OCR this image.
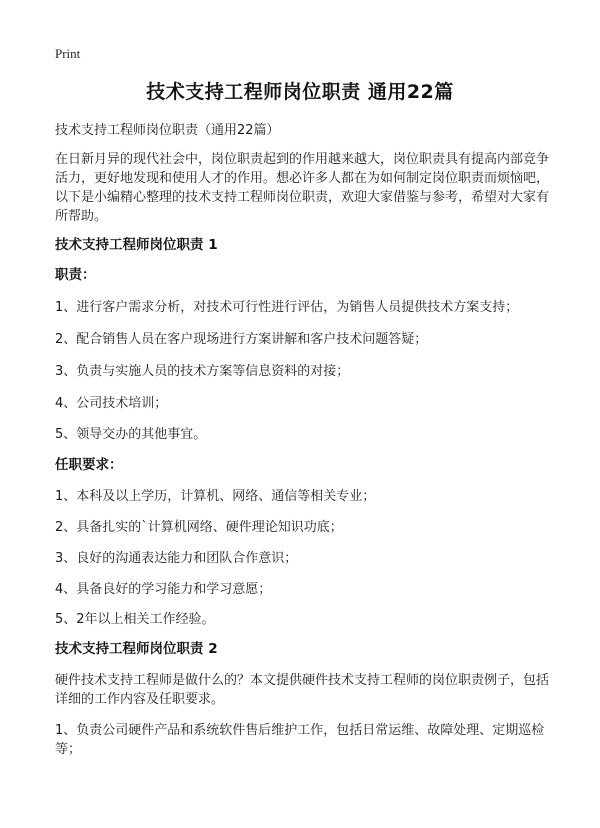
Print
技术支持工程师岗位职责 通用22篇
技术支持工程师岗位职责（通用22篇）
在日新月异的现代社会中，岗位职责起到的作用越来越大，岗位职责具有提高内部竞争活力，更好地发现和使用人才的作用。想必许多人都在为如何制定岗位职责而烦恼吧，以下是小编精心整理的技术支持工程师岗位职责，欢迎大家借鉴与参考，希望对大家有所帮助。
技术支持工程师岗位职责 1
职责：
1、进行客户需求分析，对技术可行性进行评估，为销售人员提供技术方案支持；
2、配合销售人员在客户现场进行方案讲解和客户技术问题答疑；
3、负责与实施人员的技术方案等信息资料的对接；
4、公司技术培训；
5、领导交办的其他事宜。
任职要求：
1、本科及以上学历，计算机、网络、通信等相关专业；
2、具备扎实的`计算机网络、硬件理论知识功底；
3、良好的沟通表达能力和团队合作意识；
4、具备良好的学习能力和学习意愿；
5、2年以上相关工作经验。
技术支持工程师岗位职责 2
硬件技术支持工程师是做什么的？本文提供硬件技术支持工程师的岗位职责例子，包括详细的工作内容及任职要求。
1、负责公司硬件产品和系统软件售后维护工作，包括日常运维、故障处理、定期巡检等；
